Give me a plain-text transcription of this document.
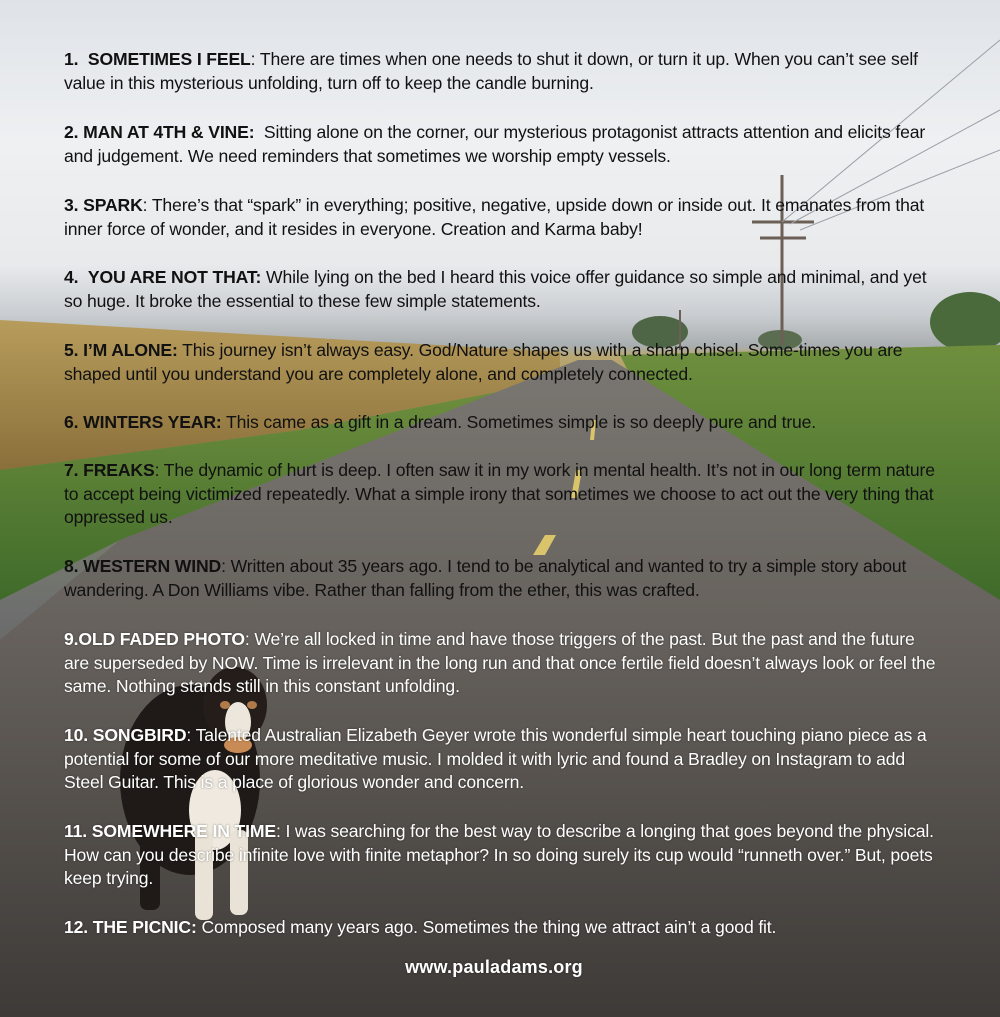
1. SOMETIMES I FEEL: There are times when one needs to shut it down, or turn it up. When you can’t see self value in this mysterious unfolding, turn off to keep the candle burning.
2. MAN AT 4TH & VINE: Sitting alone on the corner, our mysterious protagonist attracts attention and elicits fear and judgement. We need reminders that sometimes we worship empty vessels.
3. SPARK: There’s that “spark” in everything; positive, negative, upside down or inside out. It emanates from that inner force of wonder, and it resides in everyone. Creation and Karma baby!
4. YOU ARE NOT THAT: While lying on the bed I heard this voice offer guidance so simple and minimal, and yet so huge. It broke the essential to these few simple statements.
5. I’M ALONE: This journey isn’t always easy. God/Nature shapes us with a sharp chisel. Some-times you are shaped until you understand you are completely alone, and completely connected.
6. WINTERS YEAR: This came as a gift in a dream. Sometimes simple is so deeply pure and true.
7. FREAKS: The dynamic of hurt is deep. I often saw it in my work in mental health. It’s not in our long term nature to accept being victimized repeatedly. What a simple irony that sometimes we choose to act out the very thing that oppressed us.
8. WESTERN WIND: Written about 35 years ago. I tend to be analytical and wanted to try a simple story about wandering. A Don Williams vibe. Rather than falling from the ether, this was crafted.
9.OLD FADED PHOTO: We’re all locked in time and have those triggers of the past. But the past and the future are superseded by NOW. Time is irrelevant in the long run and that once fertile field doesn’t always look or feel the same. Nothing stands still in this constant unfolding.
10. SONGBIRD: Talented Australian Elizabeth Geyer wrote this wonderful simple heart touching piano piece as a potential for some of our more meditative music. I molded it with lyric and found a Bradley on Instagram to add Steel Guitar. This is a place of glorious wonder and concern.
11. SOMEWHERE IN TIME: I was searching for the best way to describe a longing that goes beyond the physical. How can you describe infinite love with finite metaphor? In so doing surely its cup would “runneth over.” But, poets keep trying.
12. THE PICNIC: Composed many years ago. Sometimes the thing we attract ain’t a good fit.
www.pauladams.org
